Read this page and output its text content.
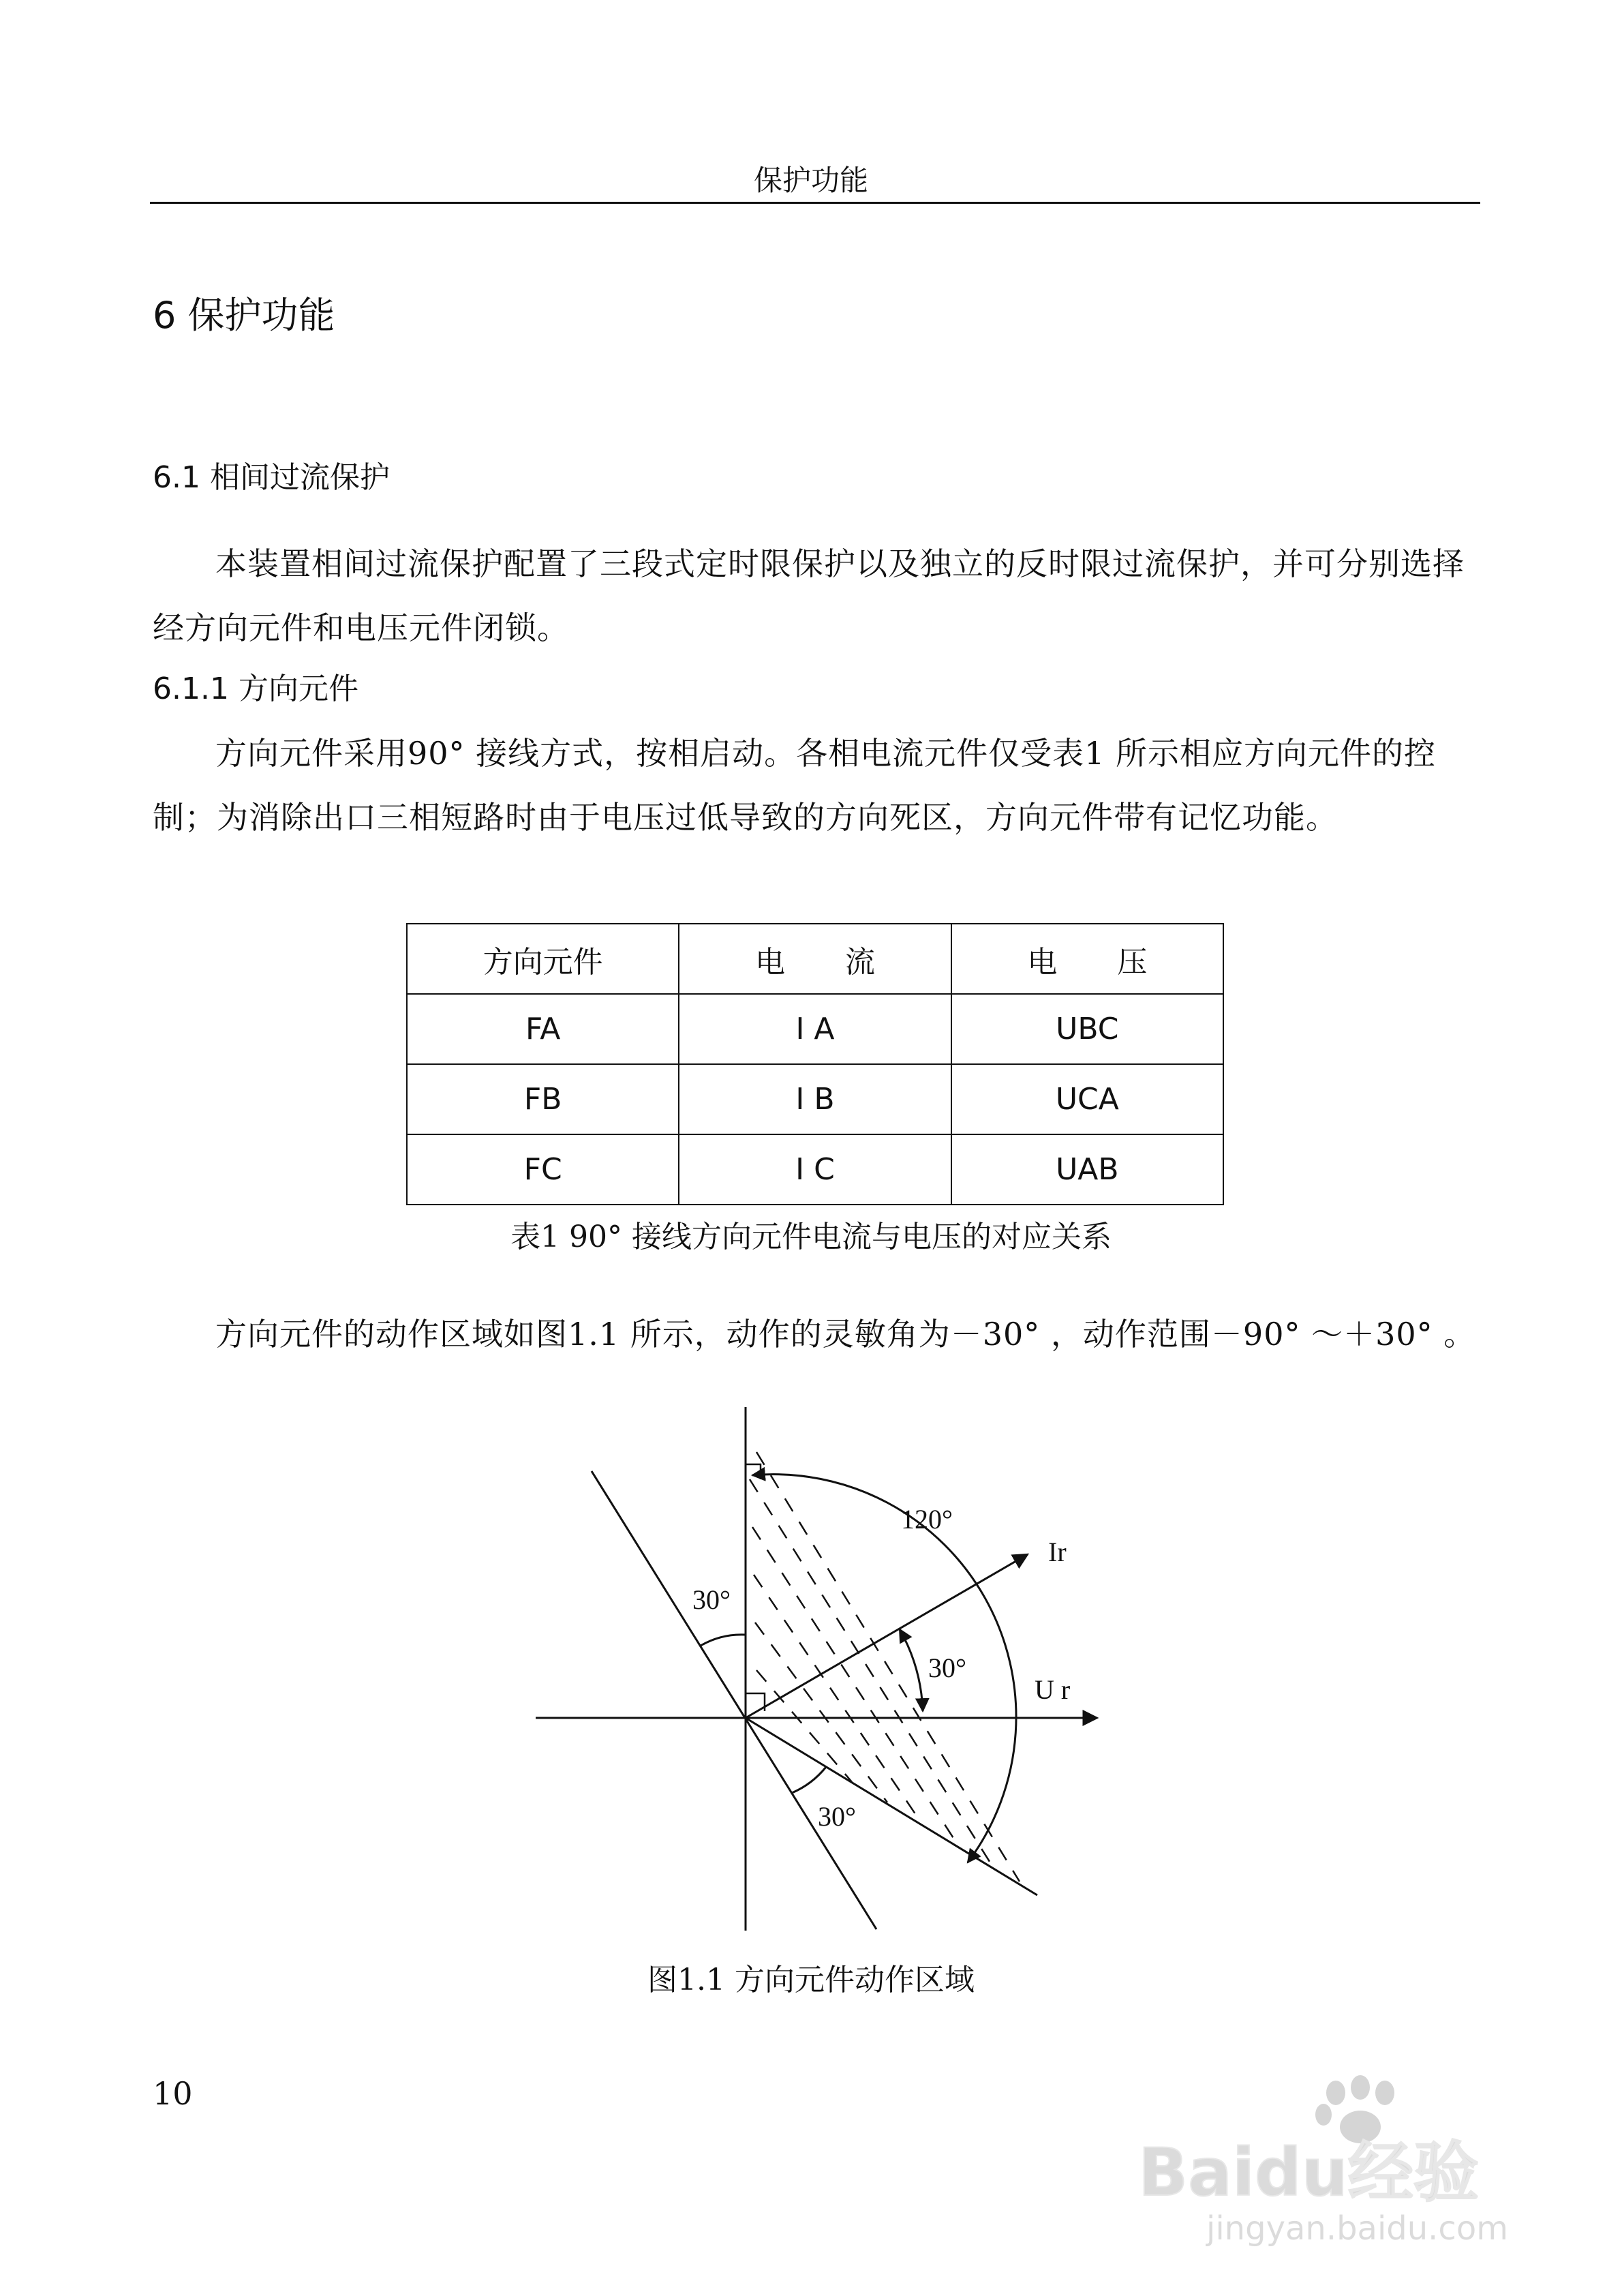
保护功能
6 保护功能
6.1 相间过流保护
本装置相间过流保护配置了三段式定时限保护以及独立的反时限过流保护，并可分别选择经方向元件和电压元件闭锁。
6.1.1 方向元件
方向元件采用90° 接线方式，按相启动。各相电流元件仅受表1 所示相应方向元件的控制；为消除出口三相短路时由于电压过低导致的方向死区，方向元件带有记忆功能。
方向元件	电　　流	电　　压
FA	I A	UBC
FB	I B	UCA
FC	I C	UAB
表1 90° 接线方向元件电流与电压的对应关系
方向元件的动作区域如图1.1 所示，动作的灵敏角为－30° ，动作范围－90° ～＋30° 。
120°
30°
30°
30°
Ir
U r
图1.1 方向元件动作区域
10
Baidu经验
jingyan.baidu.com
